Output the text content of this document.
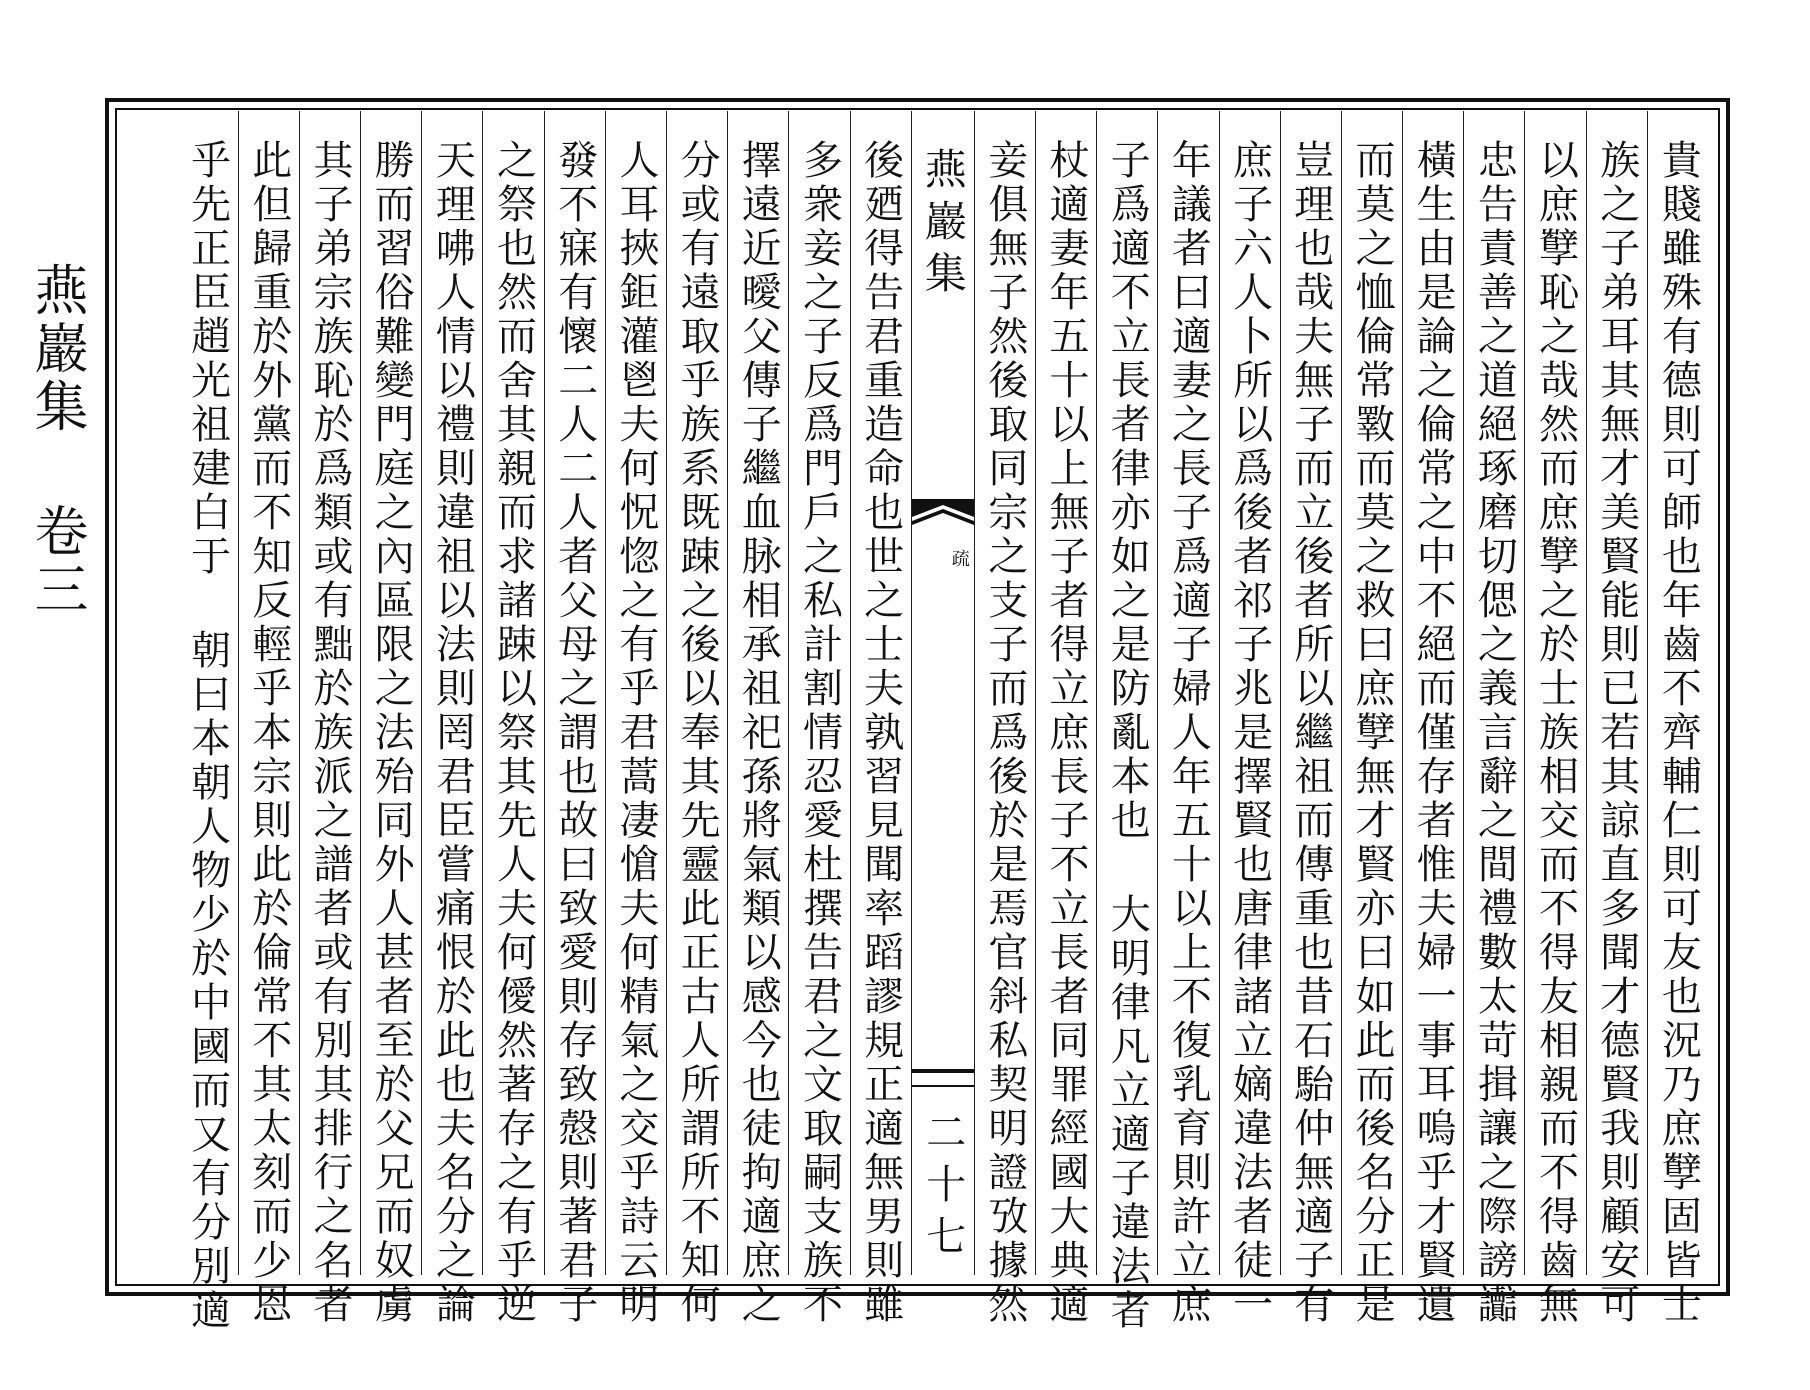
燕巖集 卷三	貴賤雖殊有德則可師也年齒不齊輔仁則可友也況乃庶孼固皆士
族之子弟耳其無才美賢能則已若其諒直多聞才德賢我則顧安可
以庶孼恥之哉然而庶孼之於士族相交而不得友相親而不得齒無
忠告責善之道絕琢磨切偲之義言辭之間禮數太苛揖讓之際謗讟
橫生由是論之倫常之中不絕而僅存者惟夫婦一事耳嗚乎才賢遺
而莫之恤倫常斁而莫之救曰庶孼無才賢亦曰如此而後名分正是
豈理也哉夫無子而立後者所以繼祖而傳重也昔石駘仲無適子有
庶子六人卜所以爲後者祁子兆是擇賢也唐律諸立嫡違法者徒一
年議者曰適妻之長子爲適子婦人年五十以上不復乳育則許立庶
子爲適不立長者律亦如之是防亂本也 大明律凡立適子違法者
杖適妻年五十以上無子者得立庶長子不立長者同罪經國大典適
妾俱無子然後取同宗之支子而爲後於是焉官斜私契明證攷據然
燕巖集
疏
二十七
後廼得告君重造命也世之士夫孰習見聞率蹈謬規正適無男則雖
多衆妾之子反爲門戶之私計割情忍愛杜撰告君之文取嗣支族不
擇遠近曖父傳子繼血脉相承祖祀孫將氣類以感今也徒拘適庶之
分或有遠取乎族系既踈之後以奉其先靈此正古人所謂所不知何
人耳挾鉅灌鬯夫何怳惚之有乎君蒿凄愴夫何精氣之交乎詩云明
發不寐有懷二人二人者父母之謂也故曰致愛則存致慤則著君子
之祭也然而舍其親而求諸踈以祭其先人夫何僾然著存之有乎逆
天理咈人情以禮則違祖以法則罔君臣嘗痛恨於此也夫名分之論
勝而習俗難變門庭之內區限之法殆同外人甚者至於父兄而奴虜
其子弟宗族恥於爲類或有黜於族派之譜者或有別其排行之名者
此但歸重於外黨而不知反輕乎本宗則此於倫常不其太刻而少恩
乎先正臣趙光祖建白于 朝曰本朝人物少於中國而又有分別適
